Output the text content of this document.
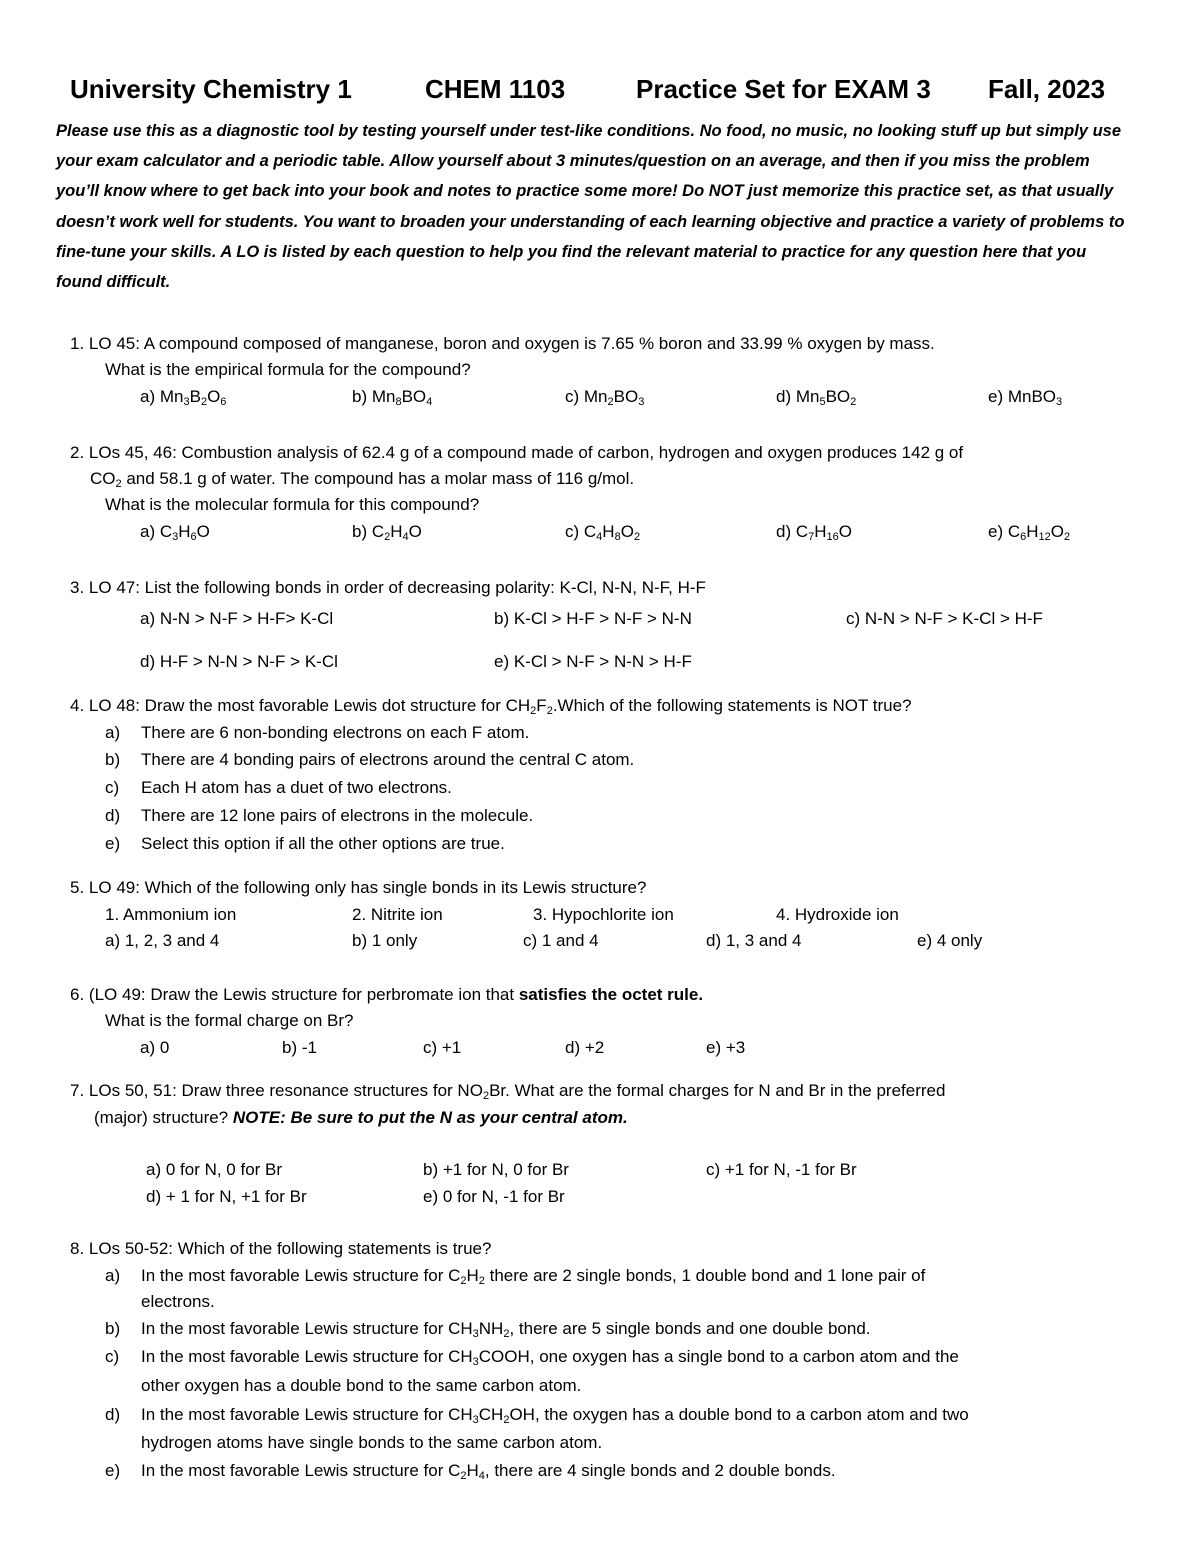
University Chemistry 1	CHEM 1103	Practice Set for EXAM 3 Fall, 2023
Please use this as a diagnostic tool by testing yourself under test-like conditions. No food, no music, no looking stuff up but simply use your exam calculator and a periodic table. Allow yourself about 3 minutes/question on an average, and then if you miss the problem you’ll know where to get back into your book and notes to practice some more! Do NOT just memorize this practice set, as that usually doesn’t work well for students. You want to broaden your understanding of each learning objective and practice a variety of problems to fine-tune your skills. A LO is listed by each question to help you find the relevant material to practice for any question here that you found difficult.
1. LO 45: A compound composed of manganese, boron and oxygen is 7.65 % boron and 33.99 % oxygen by mass.
What is the empirical formula for the compound?
a) $Mn_3B_2O_6$	b) $Mn_8BO_4$	c) $Mn_2BO_3$	d) $Mn_5BO_2$	e) MnBO$_3$
2. LOs 45, 46: Combustion analysis of 62.4 g of a compound made of carbon, hydrogen and oxygen produces 142 g of
$CO_2$ and 58.1 g of water. The compound has a molar mass of 116 g/mol.
What is the molecular formula for this compound?
a) $C_3H_6O$	b) $C_2H_4O$	c) $C_4H_8O_2$	d) $C_7H_{16}O$	e) $C_6H_{12}O_2$
3. LO 47: List the following bonds in order of decreasing polarity: K-Cl, N-N, N-F, H-F
a) N-N > N-F > H-F> K-Cl	b) K-Cl > H-F > N-F > N-N	c) N-N > N-F > K-Cl > H-F
d) H-F > N-N > N-F > K-Cl	e) K-Cl > N-F > N-N > H-F
4. LO 48: Draw the most favorable Lewis dot structure for $CH_2F_2.Which$ of the following statements is NOT true?
a) There are 6 non-bonding electrons on each F atom.
b) There are 4 bonding pairs of electrons around the central C atom.
c) Each H atom has a duet of two electrons.
d) There are 12 lone pairs of electrons in the molecule.
e) Select this option if all the other options are true.
5. LO 49: Which of the following only has single bonds in its Lewis structure?
1. Ammonium ion	2. Nitrite ion	3. Hypochlorite ion	4. Hydroxide ion
a) 1, 2, 3 and 4	b) 1 only	c) 1 and 4	d) 1, 3 and 4	e) 4 only
6. (LO 49: Draw the Lewis structure for perbromate ion that satisfies the octet rule.
What is the formal charge on Br?
a) 0	b) -1	c) +1	d) +2	e) +3
7. LOs 50, 51: Draw three resonance structures for $NO_2Br$. What are the formal charges for N and Br in the preferred
(major) structure? NOTE: Be sure to put the N as your central atom.
a) 0 for N, 0 for Br	b) +1 for N, 0 for Br	c) +1 for N, -1 for Br
d) + 1 for N, +1 for Br	e) 0 for N, -1 for Br
8. LOs 50-52: Which of the following statements is true?
a) In the most favorable Lewis structure for $C_2H_2$ there are 2 single bonds, 1 double bond and 1 lone pair of
electrons.
b) In the most favorable Lewis structure for $CH_3NH_2$, there are 5 single bonds and one double bond.
c) In the most favorable Lewis structure for $CH_3COOH$, one oxygen has a single bond to a carbon atom and the
other oxygen has a double bond to the same carbon atom.
d) In the most favorable Lewis structure for $CH_3CH_2OH$, the oxygen has a double bond to a carbon atom and two
hydrogen atoms have single bonds to the same carbon atom.
e) In the most favorable Lewis structure for $C_2H_4$, there are 4 single bonds and 2 double bonds.
